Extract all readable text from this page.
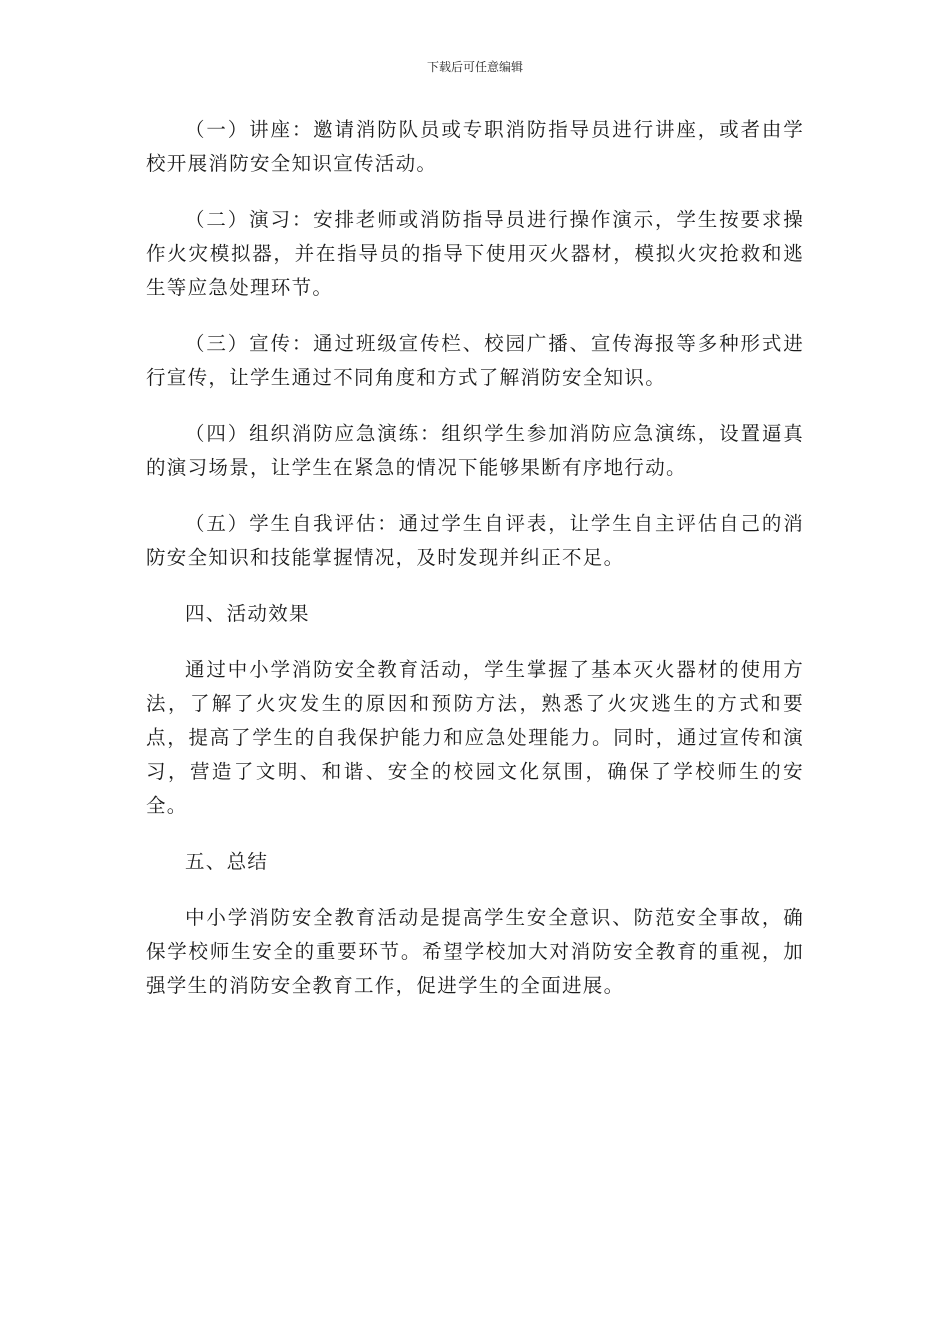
下载后可任意编辑

（一）讲座：邀请消防队员或专职消防指导员进行讲座，或者由学校开展消防安全知识宣传活动。

（二）演习：安排老师或消防指导员进行操作演示，学生按要求操作火灾模拟器，并在指导员的指导下使用灭火器材，模拟火灾抢救和逃生等应急处理环节。

（三）宣传：通过班级宣传栏、校园广播、宣传海报等多种形式进行宣传，让学生通过不同角度和方式了解消防安全知识。

（四）组织消防应急演练：组织学生参加消防应急演练，设置逼真的演习场景，让学生在紧急的情况下能够果断有序地行动。

（五）学生自我评估：通过学生自评表，让学生自主评估自己的消防安全知识和技能掌握情况，及时发现并纠正不足。

四、活动效果

通过中小学消防安全教育活动，学生掌握了基本灭火器材的使用方法，了解了火灾发生的原因和预防方法，熟悉了火灾逃生的方式和要点，提高了学生的自我保护能力和应急处理能力。同时，通过宣传和演习，营造了文明、和谐、安全的校园文化氛围，确保了学校师生的安全。

五、总结

中小学消防安全教育活动是提高学生安全意识、防范安全事故，确保学校师生安全的重要环节。希望学校加大对消防安全教育的重视，加强学生的消防安全教育工作，促进学生的全面进展。
